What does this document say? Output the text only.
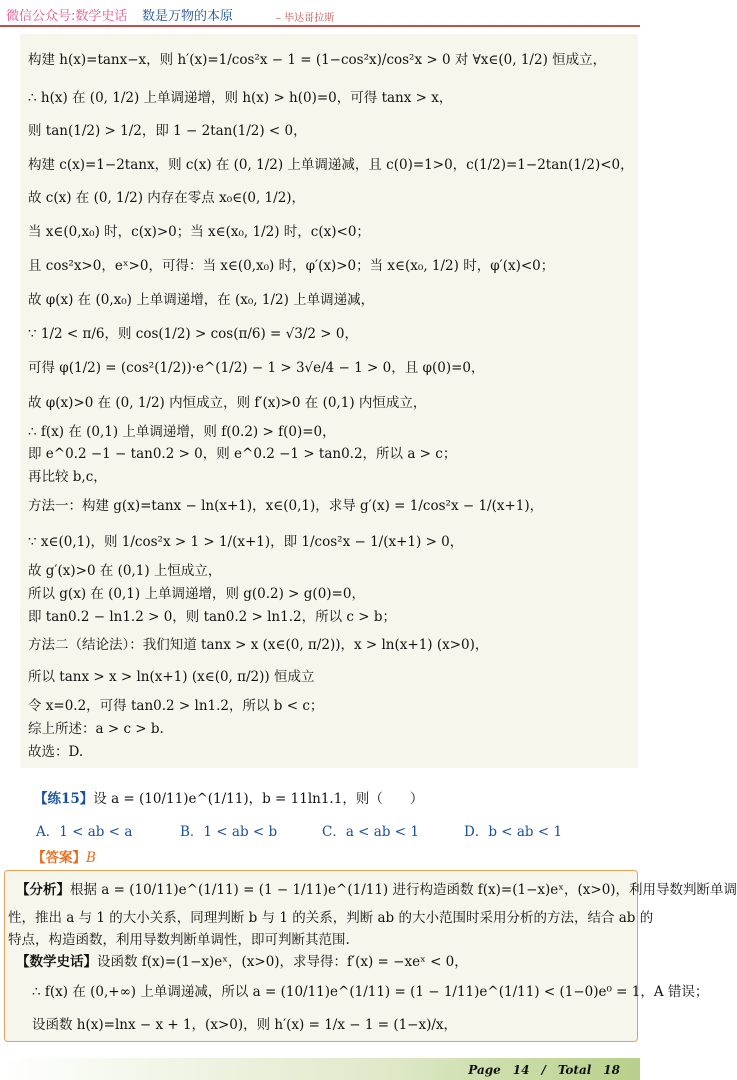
微信公众号:数学史话 数是万物的本原	– 毕达哥拉斯
构建 h(x)=tanx−x，则 h′(x)=1/cos²x − 1 = (1−cos²x)/cos²x > 0 对 ∀x∈(0, 1/2) 恒成立，
∴ h(x) 在 (0, 1/2) 上单调递增，则 h(x) > h(0)=0，可得 tanx > x，
则 tan(1/2) > 1/2，即 1 − 2tan(1/2) < 0，
构建 c(x)=1−2tanx，则 c(x) 在 (0, 1/2) 上单调递减，且 c(0)=1>0，c(1/2)=1−2tan(1/2)<0，
故 c(x) 在 (0, 1/2) 内存在零点 x₀∈(0, 1/2)，
当 x∈(0,x₀) 时，c(x)>0；当 x∈(x₀, 1/2) 时，c(x)<0；
且 cos²x>0，eˣ>0，可得：当 x∈(0,x₀) 时，φ′(x)>0；当 x∈(x₀, 1/2) 时，φ′(x)<0；
故 φ(x) 在 (0,x₀) 上单调递增，在 (x₀, 1/2) 上单调递减，
∵ 1/2 < π/6，则 cos(1/2) > cos(π/6) = √3/2 > 0，
可得 φ(1/2) = (cos²(1/2))·e^(1/2) − 1 > 3√e/4 − 1 > 0，且 φ(0)=0，
故 φ(x)>0 在 (0, 1/2) 内恒成立，则 f′(x)>0 在 (0,1) 内恒成立，
∴ f(x) 在 (0,1) 上单调递增，则 f(0.2) > f(0)=0，
即 e^0.2 −1 − tan0.2 > 0，则 e^0.2 −1 > tan0.2，所以 a > c；
再比较 b,c，
方法一：构建 g(x)=tanx − ln(x+1)，x∈(0,1)，求导 g′(x) = 1/cos²x − 1/(x+1)，
∵ x∈(0,1)，则 1/cos²x > 1 > 1/(x+1)，即 1/cos²x − 1/(x+1) > 0，
故 g′(x)>0 在 (0,1) 上恒成立，
所以 g(x) 在 (0,1) 上单调递增，则 g(0.2) > g(0)=0，
即 tan0.2 − ln1.2 > 0，则 tan0.2 > ln1.2，所以 c > b；
方法二（结论法）：我们知道 tanx > x (x∈(0, π/2))，x > ln(x+1) (x>0)，
所以 tanx > x > ln(x+1) (x∈(0, π/2)) 恒成立
令 x=0.2，可得 tan0.2 > ln1.2，所以 b < c；
综上所述：a > c > b.
故选：D.
【练15】设 a = (10/11)e^(1/11)，b = 11ln1.1，则（　　）
A．1 < ab < a	B．1 < ab < b	C．a < ab < 1	D．b < ab < 1
【答案】B
【分析】根据 a = (10/11)e^(1/11) = (1 − 1/11)e^(1/11) 进行构造函数 f(x)=(1−x)eˣ，(x>0)，利用导数判断单调
性，推出 a 与 1 的大小关系，同理判断 b 与 1 的关系，判断 ab 的大小范围时采用分析的方法，结合 ab 的
特点，构造函数，利用导数判断单调性，即可判断其范围.
【数学史话】设函数 f(x)=(1−x)eˣ，(x>0)，求导得：f′(x) = −xeˣ < 0，
∴ f(x) 在 (0,+∞) 上单调递减，所以 a = (10/11)e^(1/11) = (1 − 1/11)e^(1/11) < (1−0)e⁰ = 1，A 错误；
设函数 h(x)=lnx − x + 1，(x>0)，则 h′(x) = 1/x − 1 = (1−x)/x，
Page　14　/　Total　18
